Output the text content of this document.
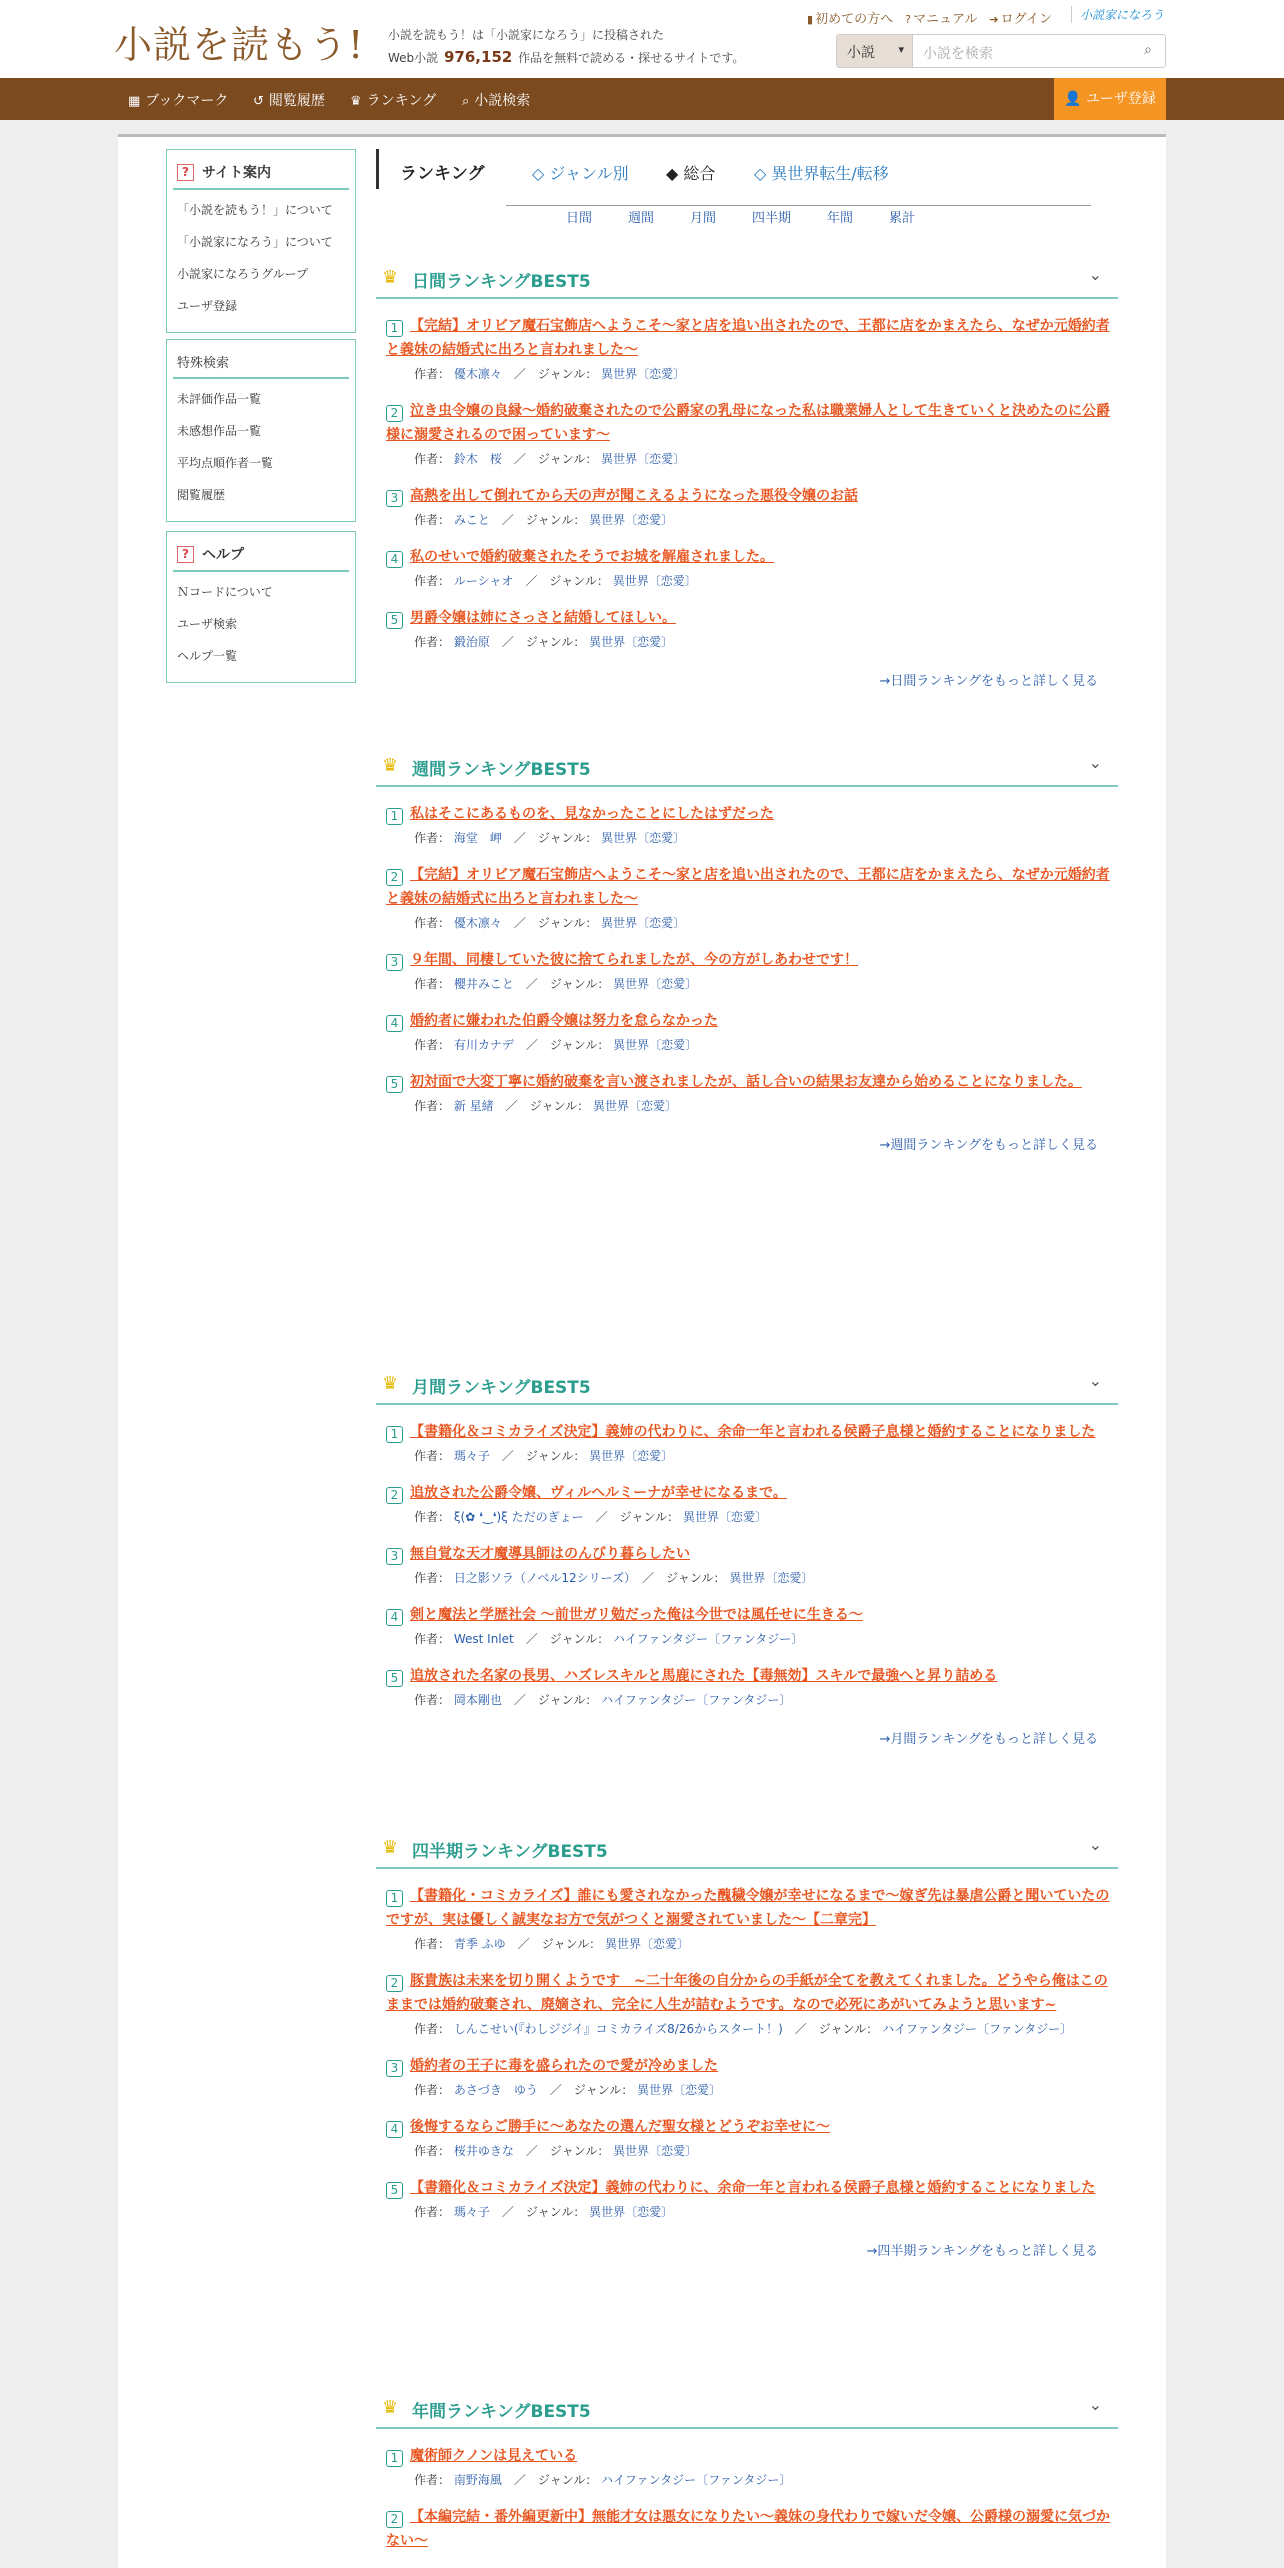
小説を読もう! 小説を読もう！は「小説家になろう」に投稿された
Web小説 976,152 作品を無料で読める・探せるサイトです。
▮ 初めての方へ ? マニュアル ➔ ログイン	小説家になろう
小説 ▾	小説を検索	⌕
▦ ブックマーク ↺ 閲覧履歴 ♛ ランキング ⌕ 小説検索	👤 ユーザ登録
? サイト案内
「小説を読もう！」について
「小説家になろう」について
小説家になろうグループ
ユーザ登録
特殊検索
未評価作品一覧
未感想作品一覧
平均点順作者一覧
閲覧履歴
? ヘルプ
Ｎコードについて
ユーザ検索
ヘルプ一覧
ランキング	◇ ジャンル別 ◆ 総合 ◇ 異世界転生/転移
日間	週間	月間	四半期	年間	累計
♛ 日間ランキングBEST5	⌄
1 【完結】オリビア魔石宝飾店へようこそ～家と店を追い出されたので、王都に店をかまえたら、なぜか元婚約者と義妹の結婚式に出ろと言われました～
作者： 優木凛々　／　ジャンル： 異世界〔恋愛〕
2 泣き虫令嬢の良縁〜婚約破棄されたので公爵家の乳母になった私は職業婦人として生きていくと決めたのに公爵様に溺愛されるので困っています〜
作者： 鈴木　桜　／　ジャンル： 異世界〔恋愛〕
3 高熱を出して倒れてから天の声が聞こえるようになった悪役令嬢のお話
作者： みこと　／　ジャンル： 異世界〔恋愛〕
4 私のせいで婚約破棄されたそうでお城を解雇されました。
作者： ルーシャオ　／　ジャンル： 異世界〔恋愛〕
5 男爵令嬢は姉にさっさと結婚してほしい。
作者： 鍛治原　／　ジャンル： 異世界〔恋愛〕
→日間ランキングをもっと詳しく見る
♛ 週間ランキングBEST5	⌄
1 私はそこにあるものを、見なかったことにしたはずだった
作者： 海堂　岬　／　ジャンル： 異世界〔恋愛〕
2 【完結】オリビア魔石宝飾店へようこそ～家と店を追い出されたので、王都に店をかまえたら、なぜか元婚約者と義妹の結婚式に出ろと言われました～
作者： 優木凛々　／　ジャンル： 異世界〔恋愛〕
3 ９年間、同棲していた彼に捨てられましたが、今の方がしあわせです！
作者： 櫻井みこと　／　ジャンル： 異世界〔恋愛〕
4 婚約者に嫌われた伯爵令嬢は努力を怠らなかった
作者： 有川カナデ　／　ジャンル： 異世界〔恋愛〕
5 初対面で大変丁寧に婚約破棄を言い渡されましたが、話し合いの結果お友達から始めることになりました。
作者： 新 星緒　／　ジャンル： 異世界〔恋愛〕
→週間ランキングをもっと詳しく見る
♛ 月間ランキングBEST5	⌄
1 【書籍化＆コミカライズ決定】義姉の代わりに、余命一年と言われる侯爵子息様と婚約することになりました
作者： 瑪々子　／　ジャンル： 異世界〔恋愛〕
2 追放された公爵令嬢、ヴィルヘルミーナが幸せになるまで。
作者： ξ(✿ ❛‿❛)ξ ただのぎょー　／　ジャンル： 異世界〔恋愛〕
3 無自覚な天才魔導具師はのんびり暮らしたい
作者： 日之影ソラ（ノベル12シリーズ）　／　ジャンル： 異世界〔恋愛〕
4 剣と魔法と学歴社会 〜前世ガリ勉だった俺は今世では風任せに生きる〜
作者： West Inlet　／　ジャンル： ハイファンタジー〔ファンタジー〕
5 追放された名家の長男、ハズレスキルと馬鹿にされた【毒無効】スキルで最強へと昇り詰める
作者： 岡本剛也　／　ジャンル： ハイファンタジー〔ファンタジー〕
→月間ランキングをもっと詳しく見る
♛ 四半期ランキングBEST5	⌄
1 【書籍化・コミカライズ】誰にも愛されなかった醜穢令嬢が幸せになるまで〜嫁ぎ先は暴虐公爵と聞いていたのですが、実は優しく誠実なお方で気がつくと溺愛されていました〜【二章完】
作者： 青季 ふゆ　／　ジャンル： 異世界〔恋愛〕
2 豚貴族は未来を切り開くようです　~二十年後の自分からの手紙が全てを教えてくれました。どうやら俺はこのままでは婚約破棄され、廃嫡され、完全に人生が詰むようです。なので必死にあがいてみようと思います~
作者： しんこせい(『わしジジイ』コミカライズ8/26からスタート！)　／　ジャンル： ハイファンタジー〔ファンタジー〕
3 婚約者の王子に毒を盛られたので愛が冷めました
作者： あさづき　ゆう　／　ジャンル： 異世界〔恋愛〕
4 後悔するならご勝手に～あなたの選んだ聖女様とどうぞお幸せに～
作者： 桜井ゆきな　／　ジャンル： 異世界〔恋愛〕
5 【書籍化＆コミカライズ決定】義姉の代わりに、余命一年と言われる侯爵子息様と婚約することになりました
作者： 瑪々子　／　ジャンル： 異世界〔恋愛〕
→四半期ランキングをもっと詳しく見る
♛ 年間ランキングBEST5	⌄
1 魔術師クノンは見えている
作者： 南野海風　／　ジャンル： ハイファンタジー〔ファンタジー〕
2 【本編完結・番外編更新中】無能才女は悪女になりたい～義妹の身代わりで嫁いだ令嬢、公爵様の溺愛に気づかない～
